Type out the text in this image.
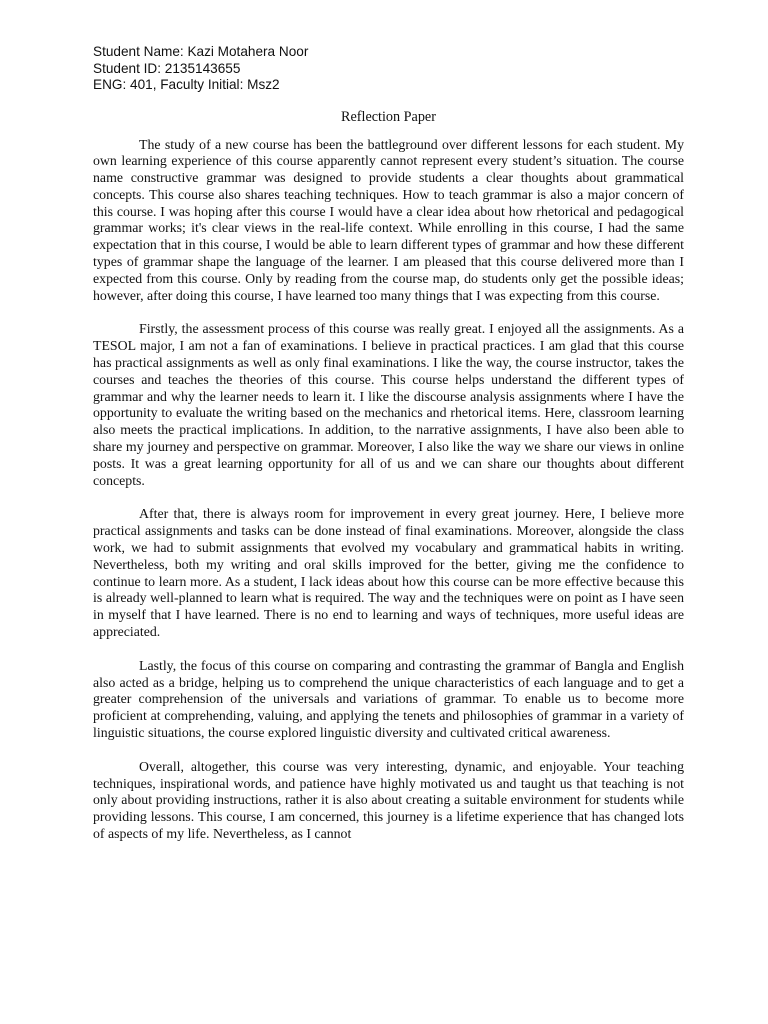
Student Name: Kazi Motahera Noor
Student ID: 2135143655
ENG: 401, Faculty Initial: Msz2
Reflection Paper

The study of a new course has been the battleground over different lessons for each student. My own learning experience of this course apparently cannot represent every student’s situation. The course name constructive grammar was designed to provide students a clear thoughts about grammatical concepts. This course also shares teaching techniques. How to teach grammar is also a major concern of this course. I was hoping after this course I would have a clear idea about how rhetorical and pedagogical grammar works; it's clear views in the real-life context. While enrolling in this course, I had the same expectation that in this course, I would be able to learn different types of grammar and how these different types of grammar shape the language of the learner. I am pleased that this course delivered more than I expected from this course. Only by reading from the course map, do students only get the possible ideas; however, after doing this course, I have learned too many things that I was expecting from this course.

Firstly, the assessment process of this course was really great. I enjoyed all the assignments. As a TESOL major, I am not a fan of examinations. I believe in practical practices. I am glad that this course has practical assignments as well as only final examinations. I like the way, the course instructor, takes the courses and teaches the theories of this course. This course helps understand the different types of grammar and why the learner needs to learn it. I like the discourse analysis assignments where I have the opportunity to evaluate the writing based on the mechanics and rhetorical items. Here, classroom learning also meets the practical implications. In addition, to the narrative assignments, I have also been able to share my journey and perspective on grammar. Moreover, I also like the way we share our views in online posts. It was a great learning opportunity for all of us and we can share our thoughts about different concepts.

After that, there is always room for improvement in every great journey. Here, I believe more practical assignments and tasks can be done instead of final examinations. Moreover, alongside the class work, we had to submit assignments that evolved my vocabulary and grammatical habits in writing. Nevertheless, both my writing and oral skills improved for the better, giving me the confidence to continue to learn more. As a student, I lack ideas about how this course can be more effective because this is already well-planned to learn what is required. The way and the techniques were on point as I have seen in myself that I have learned. There is no end to learning and ways of techniques, more useful ideas are appreciated.

Lastly, the focus of this course on comparing and contrasting the grammar of Bangla and English also acted as a bridge, helping us to comprehend the unique characteristics of each language and to get a greater comprehension of the universals and variations of grammar. To enable us to become more proficient at comprehending, valuing, and applying the tenets and philosophies of grammar in a variety of linguistic situations, the course explored linguistic diversity and cultivated critical awareness.

Overall, altogether, this course was very interesting, dynamic, and enjoyable. Your teaching techniques, inspirational words, and patience have highly motivated us and taught us that teaching is not only about providing instructions, rather it is also about creating a suitable environment for students while providing lessons. This course, I am concerned, this journey is a lifetime experience that has changed lots of aspects of my life. Nevertheless, as I cannot
